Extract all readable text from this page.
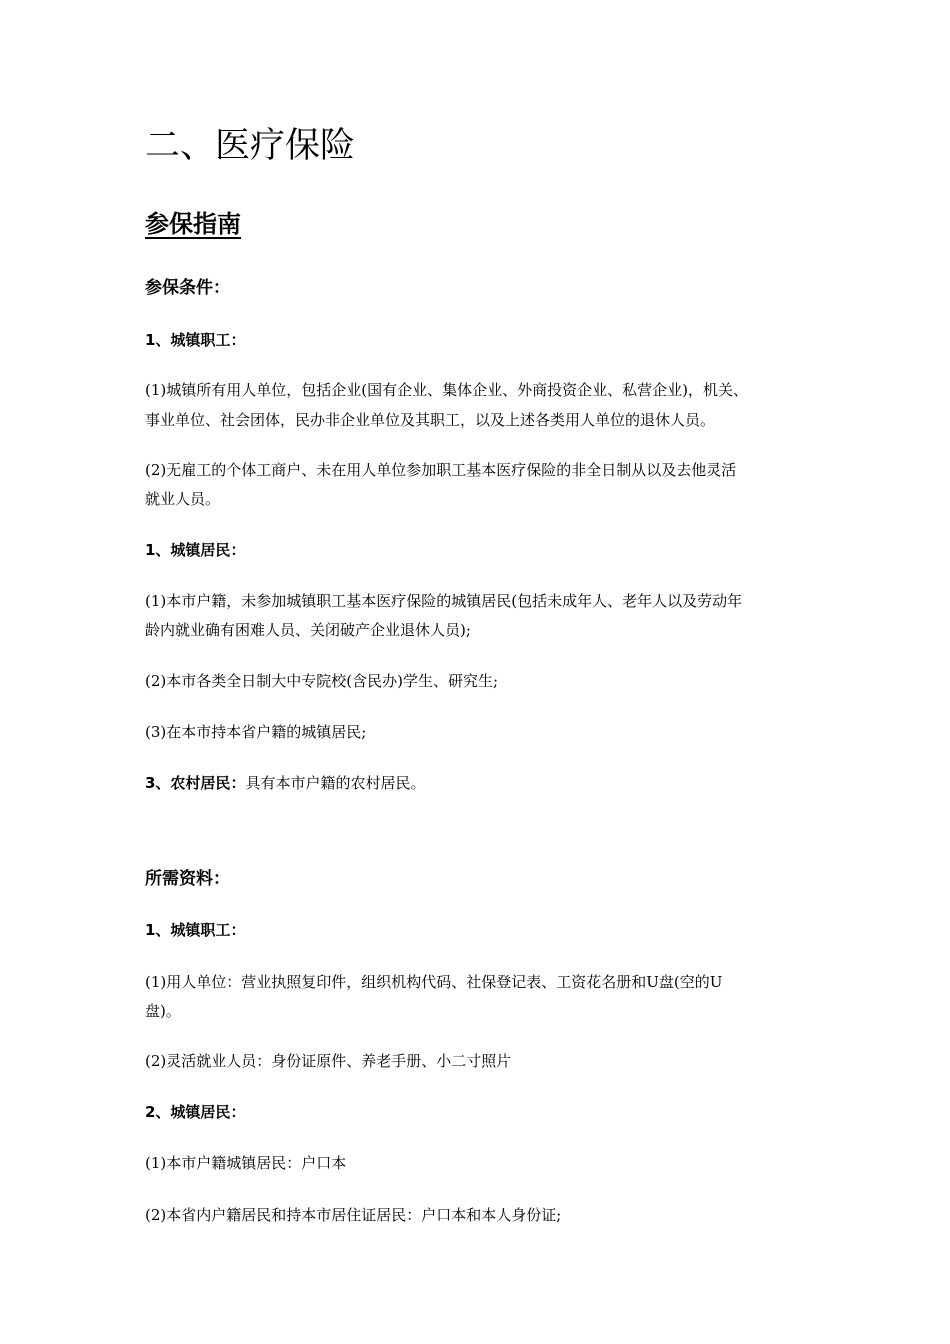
二、医疗保险
参保指南
参保条件：
1、城镇职工：
(1)城镇所有用人单位，包括企业(国有企业、集体企业、外商投资企业、私营企业)，机关、
事业单位、社会团体，民办非企业单位及其职工，以及上述各类用人单位的退休人员。
(2)无雇工的个体工商户、未在用人单位参加职工基本医疗保险的非全日制从以及去他灵活
就业人员。
1、城镇居民：
(1)本市户籍，未参加城镇职工基本医疗保险的城镇居民(包括未成年人、老年人以及劳动年
龄内就业确有困难人员、关闭破产企业退休人员);
(2)本市各类全日制大中专院校(含民办)学生、研究生;
(3)在本市持本省户籍的城镇居民;
3、农村居民：具有本市户籍的农村居民。
所需资料：
1、城镇职工：
(1)用人单位：营业执照复印件，组织机构代码、社保登记表、工资花名册和U盘(空的U
盘)。
(2)灵活就业人员：身份证原件、养老手册、小二寸照片
2、城镇居民：
(1)本市户籍城镇居民：户口本
(2)本省内户籍居民和持本市居住证居民：户口本和本人身份证;
